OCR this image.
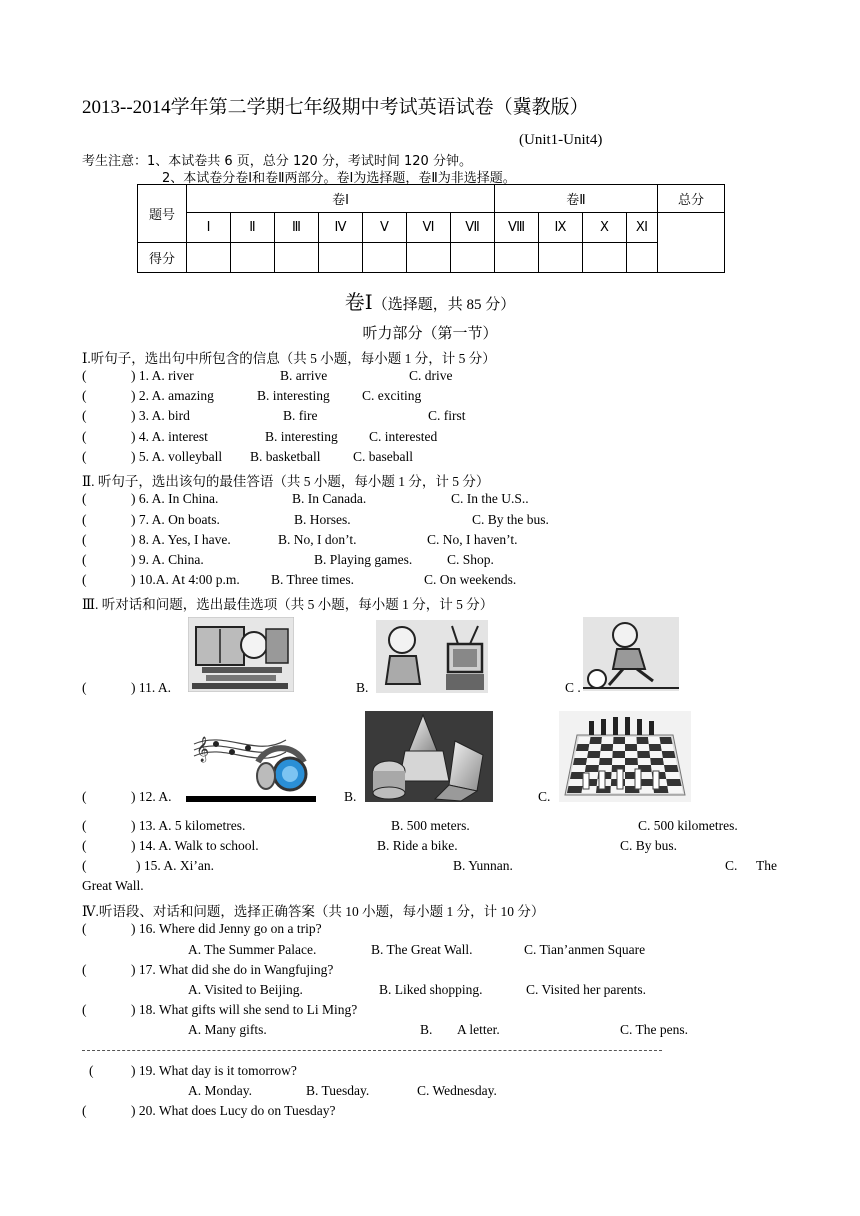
2013--2014学年第二学期七年级期中考试英语试卷（冀教版）
(Unit1-Unit4)
考生注意：1、本试卷共 6 页，总分 120 分，考试时间 120 分钟。
2、本试卷分卷Ⅰ和卷Ⅱ两部分。卷Ⅰ为选择题，卷Ⅱ为非选择题。
题号	卷Ⅰ							卷Ⅱ				总分
	Ⅰ	Ⅱ	Ⅲ	Ⅳ	Ⅴ	Ⅵ	Ⅶ	Ⅷ	Ⅸ	Ⅹ	Ⅺ	
得分												
卷Ⅰ（选择题，共 85 分）
听力部分（第一节）
Ⅰ.听句子，选出句中所包含的信息（共 5 小题，每小题 1 分，计 5 分）
(	) 1. A. river	B. arrive	C. drive
(	) 2. A. amazing	B. interesting C. exciting
(	) 3. A. bird	B. fire	C. first
(	) 4. A. interest	B. interesting C. interested
(	) 5. A. volleyball B. basketball C. baseball
Ⅱ. 听句子，选出该句的最佳答语（共 5 小题，每小题 1 分，计 5 分）
(	) 6. A. In China.	B. In Canada.	C. In the U.S..
(	) 7. A. On boats.	B. Horses.	C. By the bus.
(	) 8. A. Yes, I have.	B. No, I don’t.	C. No, I haven’t.
(	) 9. A. China.	B. Playing games.	C. Shop.
(	) 10.A. At 4:00 p.m. B. Three times.	C. On weekends.
Ⅲ. 听对话和问题，选出最佳选项（共 5 小题，每小题 1 分，计 5 分）
(	) 11. A.	B.	C .
𝄞
(	) 12. A.	B.	C.
(	) 13. A. 5 kilometres.	B. 500 meters.	C. 500 kilometres.
(	) 14. A. Walk to school.	B. Ride a bike.	C. By bus.
(	) 15. A. Xi’an.	B. Yunnan.	C. The
Great Wall.
Ⅳ.听语段、对话和问题，选择正确答案（共 10 小题，每小题 1 分，计 10 分）
(	) 16. Where did Jenny go on a trip?
A. The Summer Palace.	B. The Great Wall.	C. Tian’anmen Square
(	) 17. What did she do in Wangfujing?
A. Visited to Beijing.	B. Liked shopping.	C. Visited her parents.
(	) 18. What gifts will she send to Li Ming?
A. Many gifts.	B. A letter.	C. The pens.
(	) 19. What day is it tomorrow?
A. Monday.	B. Tuesday.	C. Wednesday.
(	) 20. What does Lucy do on Tuesday?
